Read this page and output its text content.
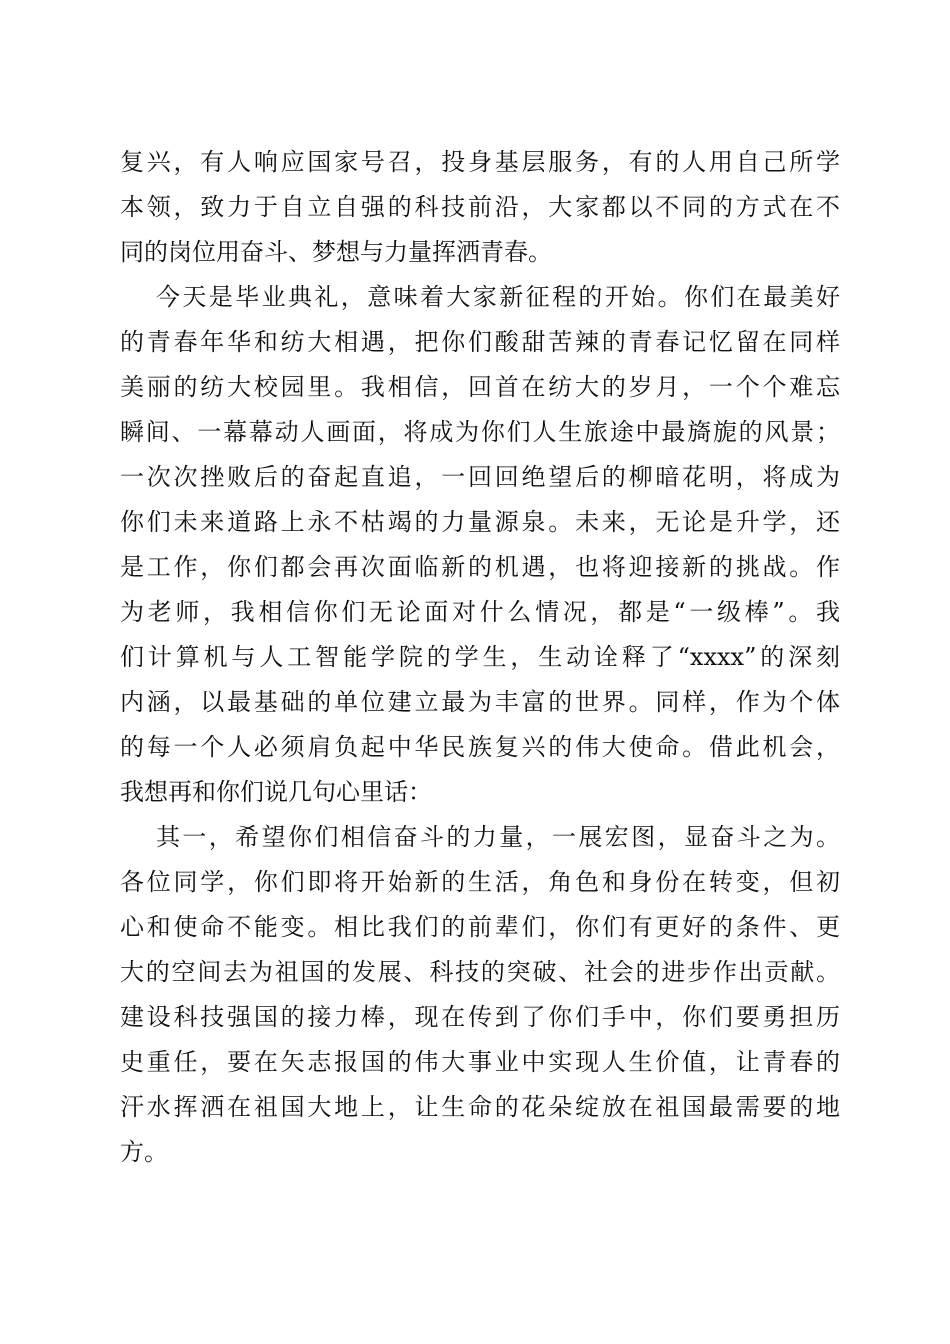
复兴，有人响应国家号召，投身基层服务，有的人用自己所学
本领，致力于自立自强的科技前沿，大家都以不同的方式在不
同的岗位用奋斗、梦想与力量挥洒青春。
今天是毕业典礼，意味着大家新征程的开始。你们在最美好
的青春年华和纺大相遇，把你们酸甜苦辣的青春记忆留在同样
美丽的纺大校园里。我相信，回首在纺大的岁月，一个个难忘
瞬间、一幕幕动人画面，将成为你们人生旅途中最旖旎的风景；
一次次挫败后的奋起直追，一回回绝望后的柳暗花明，将成为
你们未来道路上永不枯竭的力量源泉。未来，无论是升学，还
是工作，你们都会再次面临新的机遇，也将迎接新的挑战。作
为老师，我相信你们无论面对什么情况，都是“一级棒”。我
们计算机与人工智能学院的学生，生动诠释了“xxxx”的深刻
内涵，以最基础的单位建立最为丰富的世界。同样，作为个体
的每一个人必须肩负起中华民族复兴的伟大使命。借此机会，
我想再和你们说几句心里话：
其一，希望你们相信奋斗的力量，一展宏图，显奋斗之为。
各位同学，你们即将开始新的生活，角色和身份在转变，但初
心和使命不能变。相比我们的前辈们，你们有更好的条件、更
大的空间去为祖国的发展、科技的突破、社会的进步作出贡献。
建设科技强国的接力棒，现在传到了你们手中，你们要勇担历
史重任，要在矢志报国的伟大事业中实现人生价值，让青春的
汗水挥洒在祖国大地上，让生命的花朵绽放在祖国最需要的地
方。
